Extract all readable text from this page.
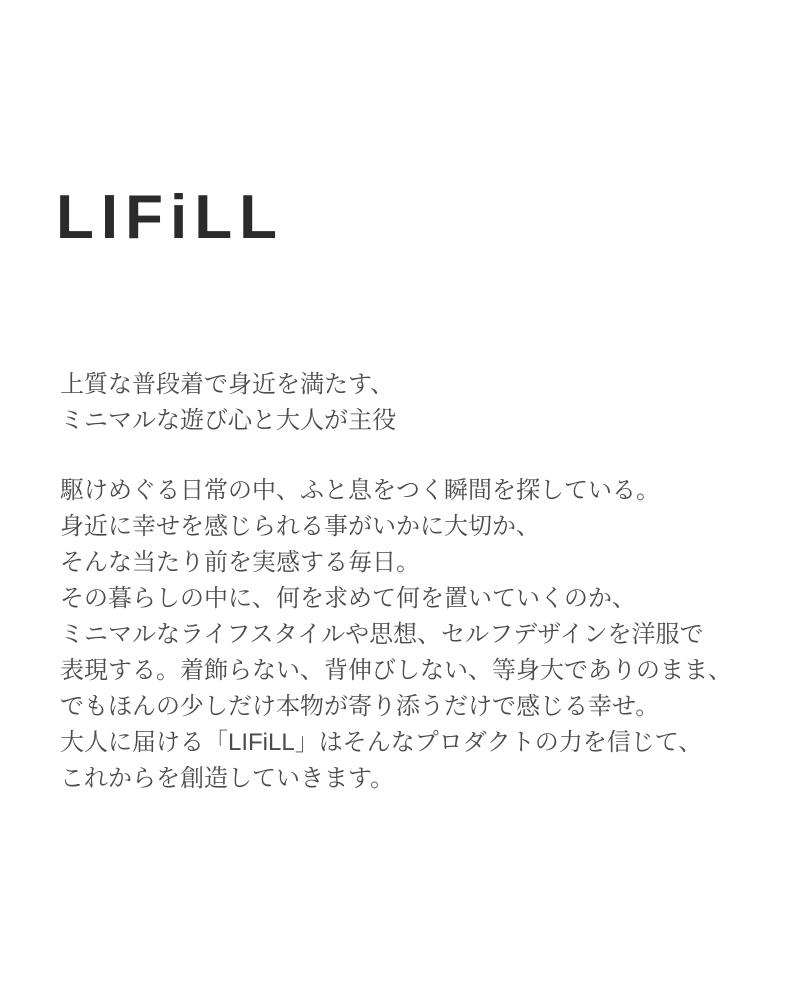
LIFiLL

上質な普段着で身近を満たす、

ミニマルな遊び心と大人が主役

駆けめぐる日常の中、ふと息をつく瞬間を探している。

身近に幸せを感じられる事がいかに大切か、

そんな当たり前を実感する毎日。

その暮らしの中に、何を求めて何を置いていくのか、

ミニマルなライフスタイルや思想、セルフデザインを洋服で

表現する。着飾らない、背伸びしない、等身大でありのまま、

でもほんの少しだけ本物が寄り添うだけで感じる幸せ。

大人に届ける「LIFiLL」はそんなプロダクトの力を信じて、

これからを創造していきます。
